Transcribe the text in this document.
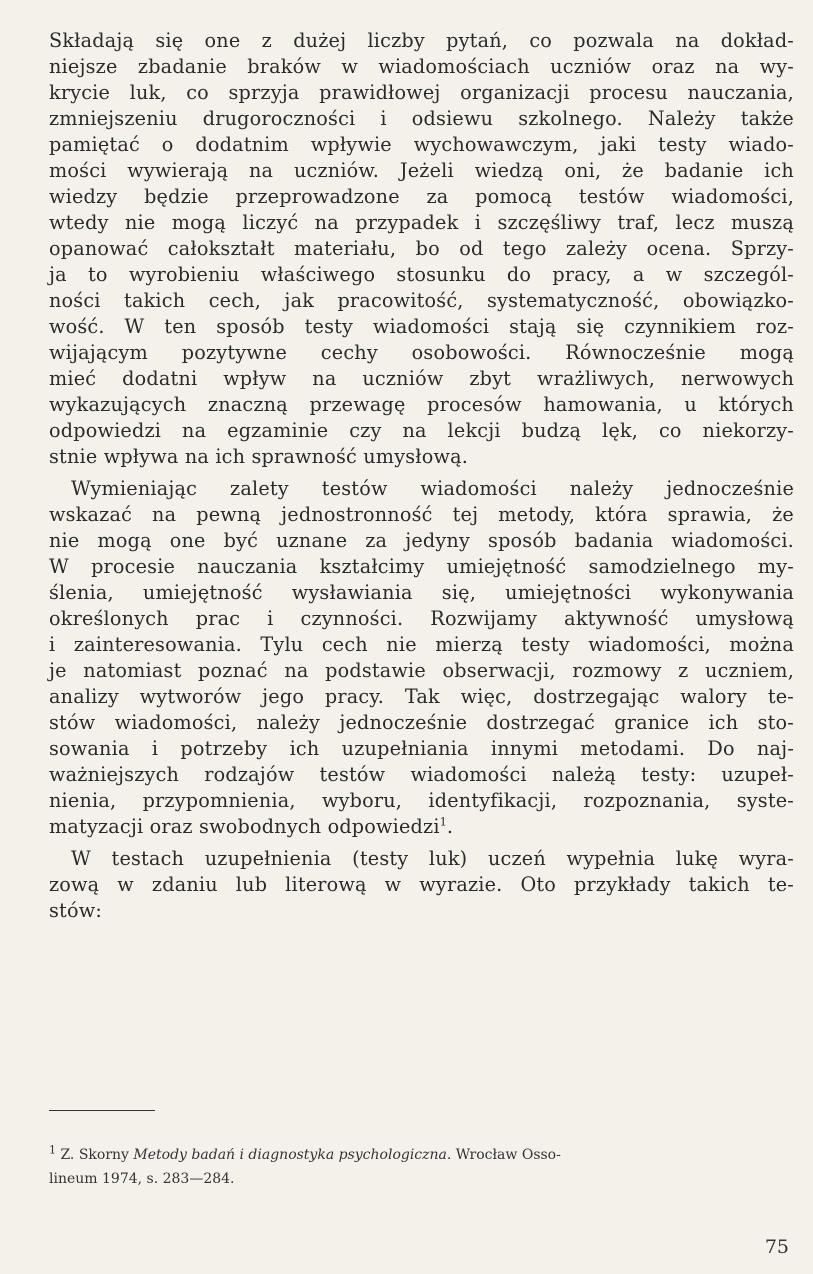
Składają się one z dużej liczby pytań, co pozwala na dokład-
niejsze zbadanie braków w wiadomościach uczniów oraz na wy-
krycie luk, co sprzyja prawidłowej organizacji procesu nauczania,
zmniejszeniu drugoroczności i odsiewu szkolnego. Należy także
pamiętać o dodatnim wpływie wychowawczym, jaki testy wiado-
mości wywierają na uczniów. Jeżeli wiedzą oni, że badanie ich
wiedzy będzie przeprowadzone za pomocą testów wiadomości,
wtedy nie mogą liczyć na przypadek i szczęśliwy traf, lecz muszą
opanować całokształt materiału, bo od tego zależy ocena. Sprzy-
ja to wyrobieniu właściwego stosunku do pracy, a w szczegól-
ności takich cech, jak pracowitość, systematyczność, obowiązko-
wość. W ten sposób testy wiadomości stają się czynnikiem roz-
wijającym pozytywne cechy osobowości. Równocześnie mogą
mieć dodatni wpływ na uczniów zbyt wrażliwych, nerwowych
wykazujących znaczną przewagę procesów hamowania, u których
odpowiedzi na egzaminie czy na lekcji budzą lęk, co niekorzy-
stnie wpływa na ich sprawność umysłową.
Wymieniając zalety testów wiadomości należy jednocześnie
wskazać na pewną jednostronność tej metody, która sprawia, że
nie mogą one być uznane za jedyny sposób badania wiadomości.
W procesie nauczania kształcimy umiejętność samodzielnego my-
ślenia, umiejętność wysławiania się, umiejętności wykonywania
określonych prac i czynności. Rozwijamy aktywność umysłową
i zainteresowania. Tylu cech nie mierzą testy wiadomości, można
je natomiast poznać na podstawie obserwacji, rozmowy z uczniem,
analizy wytworów jego pracy. Tak więc, dostrzegając walory te-
stów wiadomości, należy jednocześnie dostrzegać granice ich sto-
sowania i potrzeby ich uzupełniania innymi metodami. Do naj-
ważniejszych rodzajów testów wiadomości należą testy: uzupeł-
nienia, przypomnienia, wyboru, identyfikacji, rozpoznania, syste-
matyzacji oraz swobodnych odpowiedzi$^1$.
W testach uzupełnienia (testy luk) uczeń wypełnia lukę wyra-
zową w zdaniu lub literową w wyrazie. Oto przykłady takich te-
stów:
$^1$ Z. Skorny Metody badań i diagnostyka psychologiczna. Wrocław Osso-
lineum 1974, s. 283—284.
75
